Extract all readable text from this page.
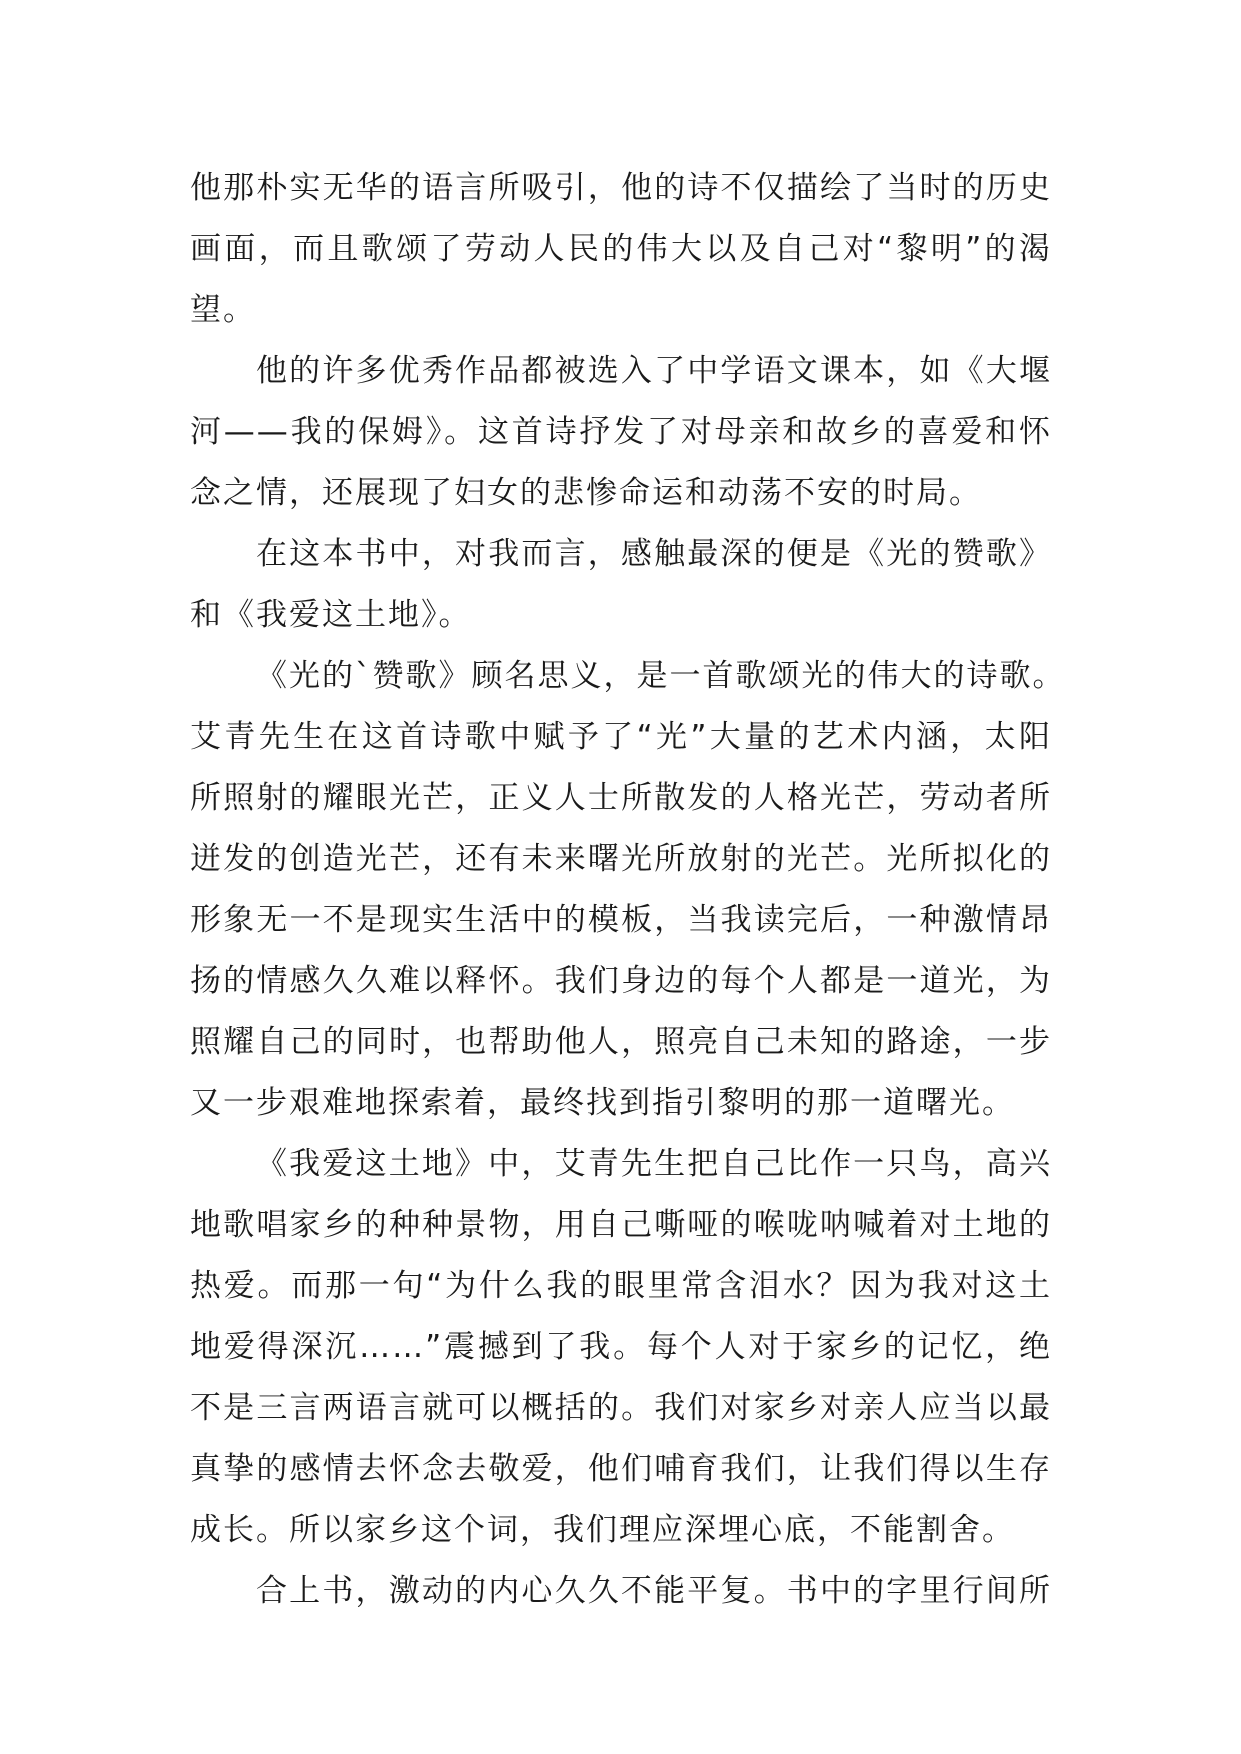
他那朴实无华的语言所吸引，他的诗不仅描绘了当时的历史
画面，而且歌颂了劳动人民的伟大以及自己对“黎明”的渴
望。
他的许多优秀作品都被选入了中学语文课本，如《大堰
河——我的保姆》。这首诗抒发了对母亲和故乡的喜爱和怀
念之情，还展现了妇女的悲惨命运和动荡不安的时局。
在这本书中，对我而言，感触最深的便是《光的赞歌》
和《我爱这土地》。
《光的`赞歌》顾名思义，是一首歌颂光的伟大的诗歌。
艾青先生在这首诗歌中赋予了“光”大量的艺术内涵，太阳
所照射的耀眼光芒，正义人士所散发的人格光芒，劳动者所
迸发的创造光芒，还有未来曙光所放射的光芒。光所拟化的
形象无一不是现实生活中的模板，当我读完后，一种激情昂
扬的情感久久难以释怀。我们身边的每个人都是一道光，为
照耀自己的同时，也帮助他人，照亮自己未知的路途，一步
又一步艰难地探索着，最终找到指引黎明的那一道曙光。
《我爱这土地》中，艾青先生把自己比作一只鸟，高兴
地歌唱家乡的种种景物，用自己嘶哑的喉咙呐喊着对土地的
热爱。而那一句“为什么我的眼里常含泪水？因为我对这土
地爱得深沉……”震撼到了我。每个人对于家乡的记忆，绝
不是三言两语言就可以概括的。我们对家乡对亲人应当以最
真挚的感情去怀念去敬爱，他们哺育我们，让我们得以生存
成长。所以家乡这个词，我们理应深埋心底，不能割舍。
合上书，激动的内心久久不能平复。书中的字里行间所
